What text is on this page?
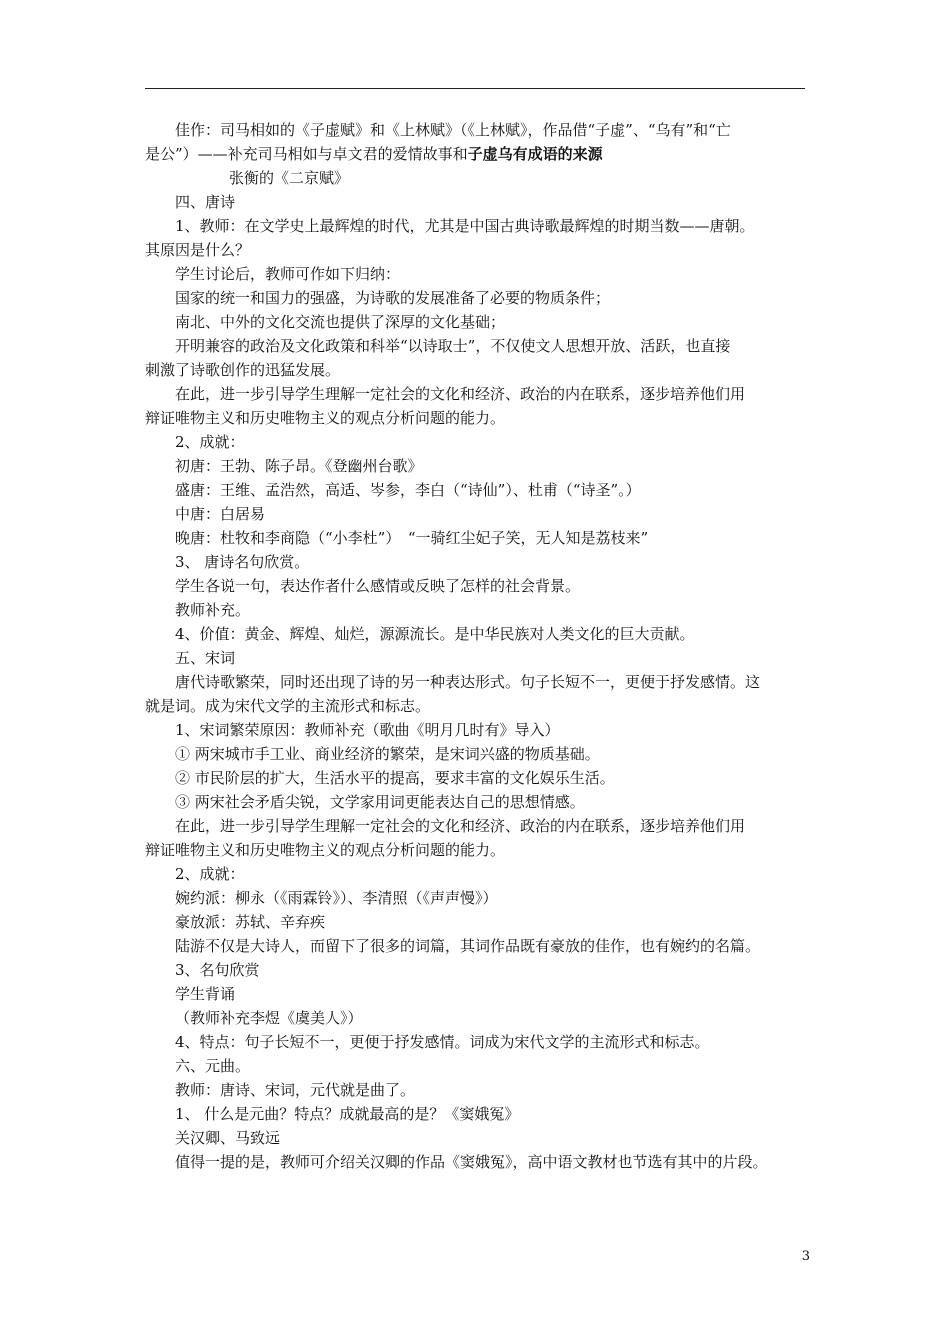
佳作：司马相如的《子虚赋》和《上林赋》（《上林赋》，作品借“子虚”、“乌有”和“亡
是公”）——补充司马相如与卓文君的爱情故事和子虚乌有成语的来源
张衡的《二京赋》
四、唐诗
1、教师：在文学史上最辉煌的时代，尤其是中国古典诗歌最辉煌的时期当数——唐朝。
其原因是什么？
学生讨论后，教师可作如下归纳：
国家的统一和国力的强盛，为诗歌的发展准备了必要的物质条件；
南北、中外的文化交流也提供了深厚的文化基础；
开明兼容的政治及文化政策和科举“以诗取士”，不仅使文人思想开放、活跃，也直接
刺激了诗歌创作的迅猛发展。
在此，进一步引导学生理解一定社会的文化和经济、政治的内在联系，逐步培养他们用
辩证唯物主义和历史唯物主义的观点分析问题的能力。
2、成就：
初唐：王勃、陈子昂。《登幽州台歌》
盛唐：王维、孟浩然，高适、岑参，李白（“诗仙”）、杜甫（“诗圣”。）
中唐：白居易
晚唐：杜牧和李商隐（“小李杜”）　“一骑红尘妃子笑，无人知是荔枝来”
3、 唐诗名句欣赏。
学生各说一句，表达作者什么感情或反映了怎样的社会背景。
教师补充。
4、价值：黄金、辉煌、灿烂，源源流长。是中华民族对人类文化的巨大贡献。
五、宋词
唐代诗歌繁荣，同时还出现了诗的另一种表达形式。句子长短不一，更便于抒发感情。这
就是词。成为宋代文学的主流形式和标志。
1、宋词繁荣原因：教师补充（歌曲《明月几时有》导入）
① 两宋城市手工业、商业经济的繁荣，是宋词兴盛的物质基础。
② 市民阶层的扩大，生活水平的提高，要求丰富的文化娱乐生活。
③ 两宋社会矛盾尖锐，文学家用词更能表达自己的思想情感。
在此，进一步引导学生理解一定社会的文化和经济、政治的内在联系，逐步培养他们用
辩证唯物主义和历史唯物主义的观点分析问题的能力。
2、成就：
婉约派：柳永（《雨霖铃》）、李清照（《声声慢》）
豪放派：苏轼、辛弃疾
陆游不仅是大诗人，而留下了很多的词篇，其词作品既有豪放的佳作，也有婉约的名篇。
3、名句欣赏
学生背诵
（教师补充李煜《虞美人》）
4、特点：句子长短不一，更便于抒发感情。词成为宋代文学的主流形式和标志。
六、元曲。
教师：唐诗、宋词，元代就是曲了。
1、 什么是元曲？特点？成就最高的是？《窦娥冤》
关汉卿、马致远
值得一提的是，教师可介绍关汉卿的作品《窦娥冤》，高中语文教材也节选有其中的片段。
3
